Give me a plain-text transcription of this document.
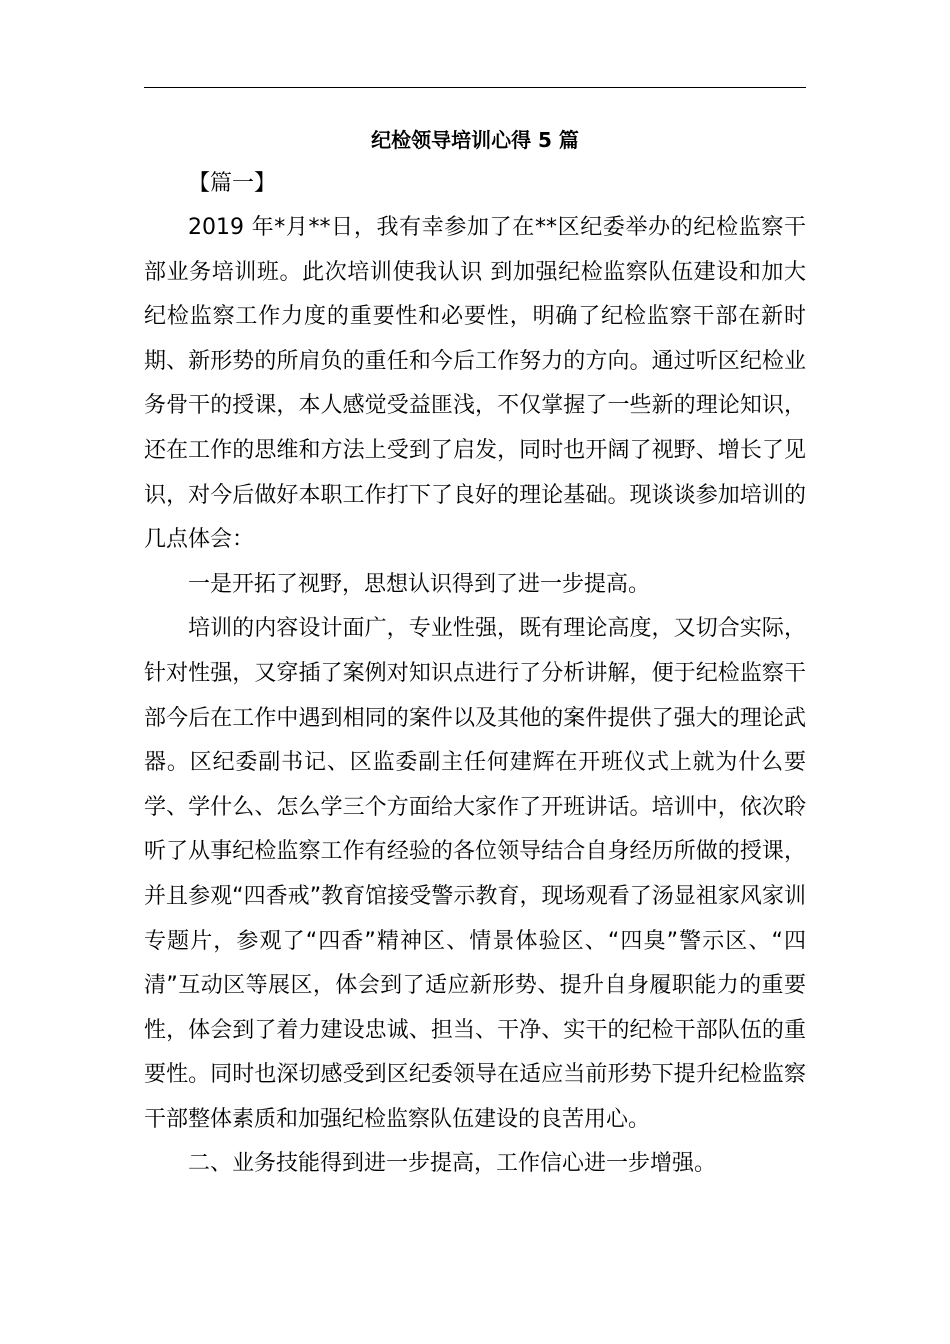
纪检领导培训心得 5 篇
【篇一】

2019 年*月**日，我有幸参加了在**区纪委举办的纪检监察干部业务培训班。此次培训使我认识 到加强纪检监察队伍建设和加大纪检监察工作力度的重要性和必要性，明确了纪检监察干部在新时期、新形势的所肩负的重任和今后工作努力的方向。通过听区纪检业务骨干的授课，本人感觉受益匪浅，不仅掌握了一些新的理论知识，还在工作的思维和方法上受到了启发，同时也开阔了视野、增长了见识，对今后做好本职工作打下了良好的理论基础。现谈谈参加培训的几点体会：

一是开拓了视野，思想认识得到了进一步提高。

培训的内容设计面广，专业性强，既有理论高度，又切合实际，针对性强，又穿插了案例对知识点进行了分析讲解，便于纪检监察干部今后在工作中遇到相同的案件以及其他的案件提供了强大的理论武器。区纪委副书记、区监委副主任何建辉在开班仪式上就为什么要学、学什么、怎么学三个方面给大家作了开班讲话。培训中，依次聆听了从事纪检监察工作有经验的各位领导结合自身经历所做的授课，并且参观“四香戒”教育馆接受警示教育，现场观看了汤显祖家风家训专题片，参观了“四香”精神区、情景体验区、“四臭”警示区、“四清”互动区等展区，体会到了适应新形势、提升自身履职能力的重要性，体会到了着力建设忠诚、担当、干净、实干的纪检干部队伍的重要性。同时也深切感受到区纪委领导在适应当前形势下提升纪检监察干部整体素质和加强纪检监察队伍建设的良苦用心。

二、业务技能得到进一步提高，工作信心进一步增强。
